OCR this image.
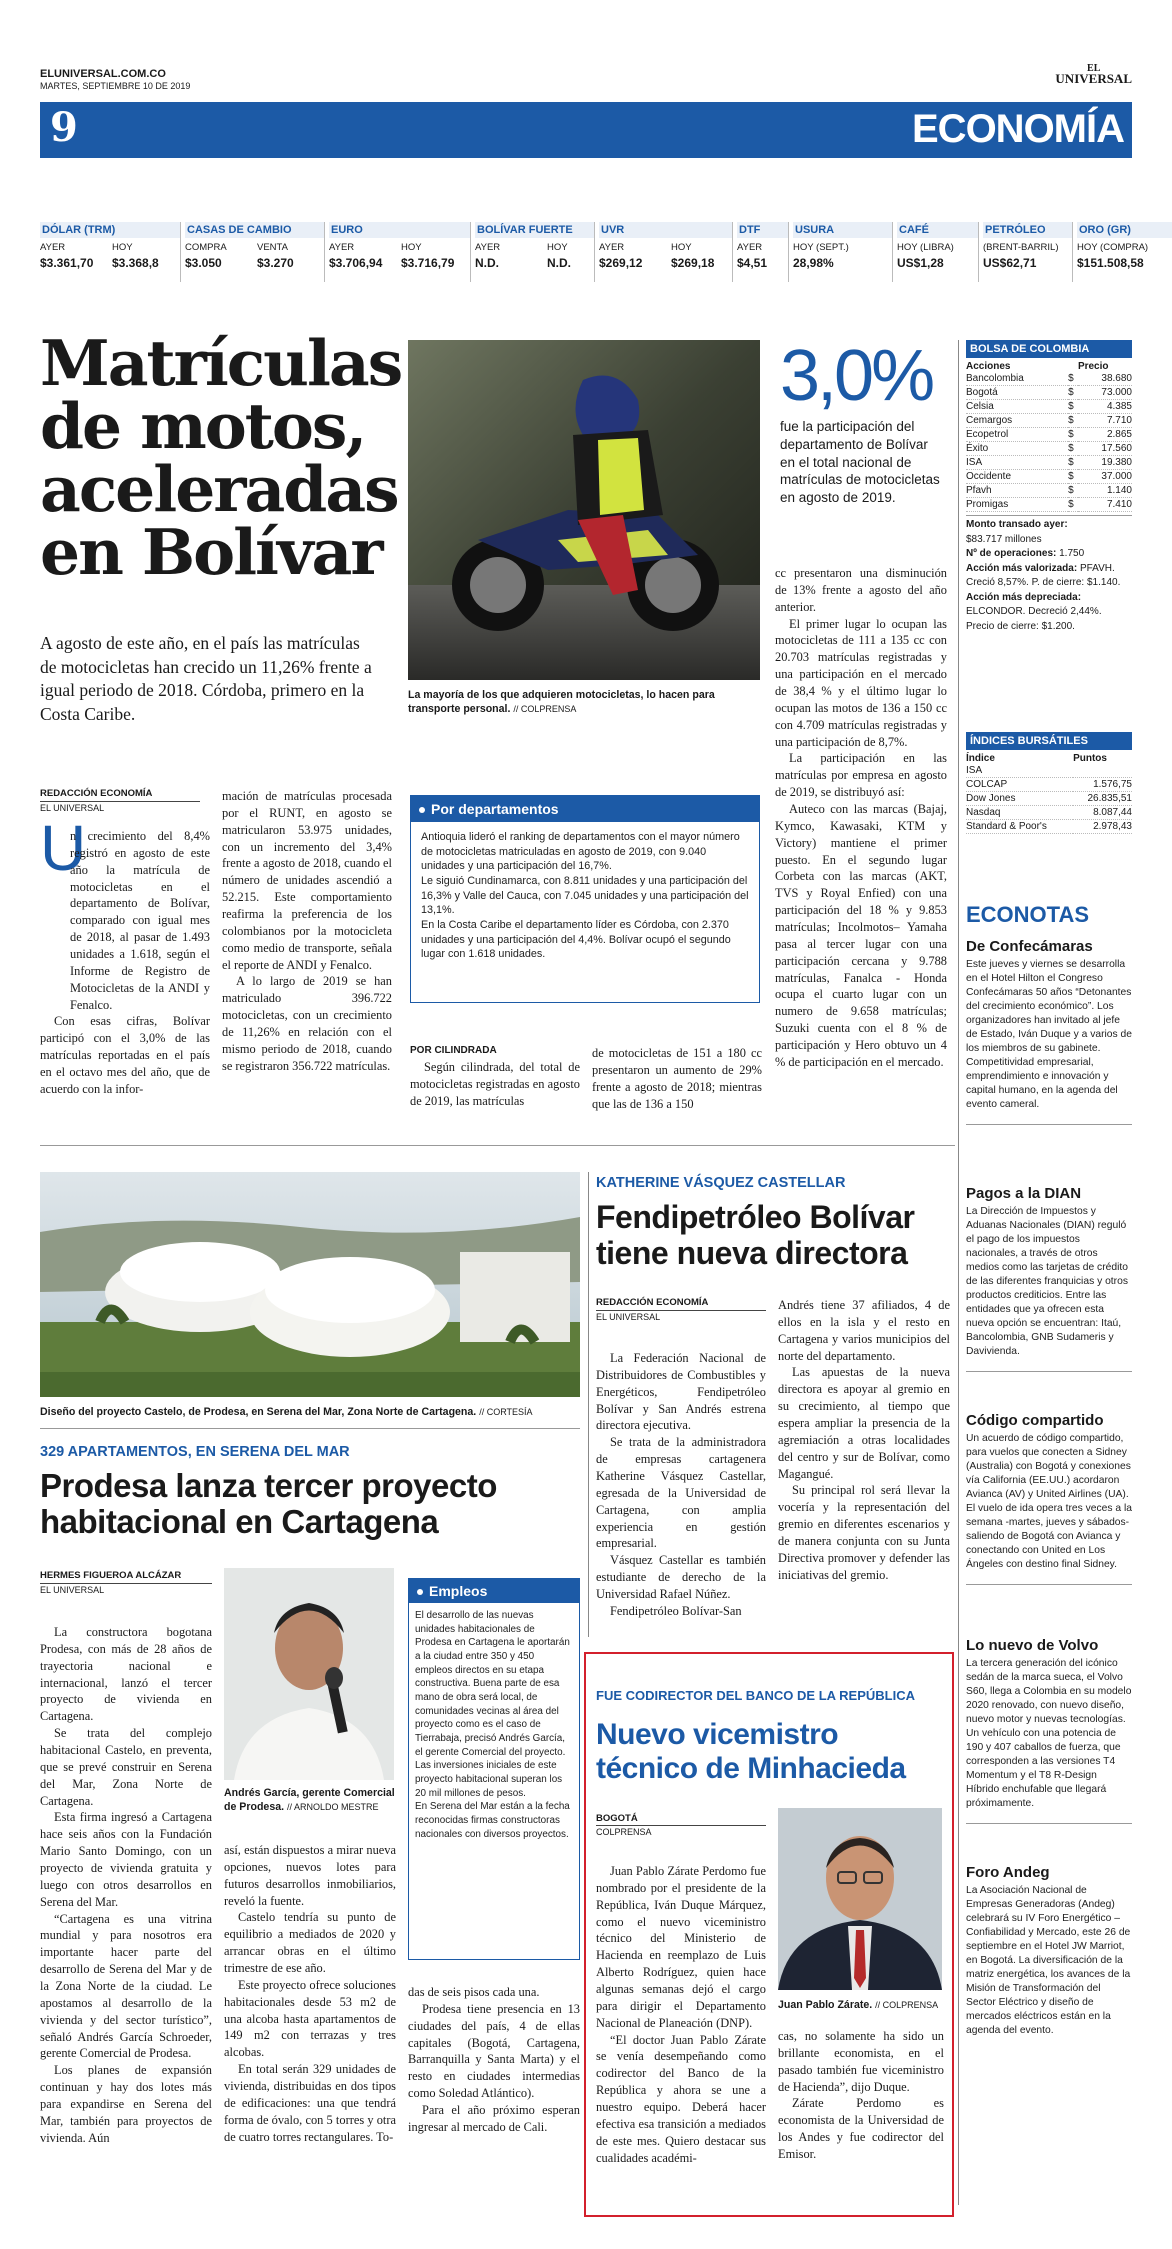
ELUNIVERSAL.COM.CO
MARTES, SEPTIEMBRE 10 DE 2019
EL
UNIVERSAL
9	ECONOMÍA
DÓLAR (TRM)
AYER	HOY
$3.361,70	$3.368,8
CASAS DE CAMBIO
COMPRA	VENTA
$3.050	$3.270
EURO
AYER	HOY
$3.706,94	$3.716,79
BOLÍVAR FUERTE
AYER	HOY
N.D.	N.D.
UVR
AYER	HOY
$269,12	$269,18
DTF
AYER
$4,51
USURA
HOY (SEPT.)
28,98%
CAFÉ
HOY (LIBRA)
US$1,28
PETRÓLEO
(BRENT-BARRIL)
US$62,71
ORO (GR)
HOY (COMPRA)
$151.508,58
Matrículas de motos, aceleradas en Bolívar
A agosto de este año, en el país las matrículas de motocicletas han crecido un 11,26% frente a igual periodo de 2018. Córdoba, primero en la Costa Caribe.
La mayoría de los que adquieren motocicletas, lo hacen para transporte personal. // COLPRENSA
3,0%
fue la participación del departamento de Bolívar en el total nacional de matrículas de motocicletas en agosto de 2019.

cc presentaron una disminución de 13% frente a agosto del año anterior.

El primer lugar lo ocupan las motocicletas de 111 a 135 cc con 20.703 matrículas registradas y una participación en el mercado de 38,4 % y el último lugar lo ocupan las motos de 136 a 150 cc con 4.709 matrículas registradas y una participación de 8,7%.

La participación en las matrículas por empresa en agosto de 2019, se distribuyó así:

Auteco con las marcas (Bajaj, Kymco, Kawasaki, KTM y Victory) mantiene el primer puesto. En el segundo lugar Corbeta con las marcas (AKT, TVS y Royal Enfied) con una participación del 18 % y 9.853 matrículas; Incolmotos– Yamaha pasa al tercer lugar con una participación cercana y 9.788 matrículas, Fanalca - Honda ocupa el cuarto lugar con un numero de 9.658 matrículas; Suzuki cuenta con el 8 % de participación y Hero obtuvo un 4 % de participación en el mercado.

REDACCIÓN ECONOMÍA
EL UNIVERSAL
U

n crecimiento del 8,4% registró en agosto de este año la matrícula de motocicletas en el departamento de Bolívar, comparado con igual mes de 2018, al pasar de 1.493 unidades a 1.618, según el Informe de Registro de Motocicletas de la ANDI y Fenalco.

Con esas cifras, Bolívar participó con el 3,0% de las matrículas reportadas en el país en el octavo mes del año, que de acuerdo con la infor-

mación de matrículas procesada por el RUNT, en agosto se matricularon 53.975 unidades, con un incremento del 3,4% frente a agosto de 2018, cuando el número de unidades ascendió a 52.215. Este comportamiento reafirma la preferencia de los colombianos por la motocicleta como medio de transporte, señala el reporte de ANDI y Fenalco.

A lo largo de 2019 se han matriculado 396.722 motocicletas, con un crecimiento de 11,26% en relación con el mismo periodo de 2018, cuando se registraron 356.722 matrículas.

Por departamentos
Antioquia lideró el ranking de departamentos con el mayor número de motocicletas matriculadas en agosto de 2019, con 9.040 unidades y una participación del 16,7%.
Le siguió Cundinamarca, con 8.811 unidades y una participación del 16,3% y Valle del Cauca, con 7.045 unidades y una participación del 13,1%.
En la Costa Caribe el departamento líder es Córdoba, con 2.370 unidades y una participación del 4,4%. Bolívar ocupó el segundo lugar con 1.618 unidades.
POR CILINDRADA

Según cilindrada, del total de motocicletas registradas en agosto de 2019, las matrículas

de motocicletas de 151 a 180 cc presentaron un aumento de 29% frente a agosto de 2018; mientras que las de 136 a 150

BOLSA DE COLOMBIA
Acciones		Precio
Bancolombia	$	38.680
Bogotá	$	73.000
Celsia	$	4.385
Cemargos	$	7.710
Ecopetrol	$	2.865
Éxito	$	17.560
ISA	$	19.380
Occidente	$	37.000
Pfavh	$	1.140
Promigas	$	7.410
Monto transado ayer:
$83.717 millones
Nº de operaciones: 1.750
Acción más valorizada: PFAVH.
Creció 8,57%. P. de cierre: $1.140.
Acción más depreciada:
ELCONDOR. Decreció 2,44%.
Precio de cierre: $1.200.
ÍNDICES BURSÁTILES
Índice	Puntos
ISA	
COLCAP	1.576,75
Dow Jones	26.835,51
Nasdaq	8.087,44
Standard & Poor's	2.978,43
ECONOTAS
De Confecámaras
Este jueves y viernes se desarrolla en el Hotel Hilton el Congreso Confecámaras 50 años “Detonantes del crecimiento económico”. Los organizadores han invitado al jefe de Estado, Iván Duque y a varios de los miembros de su gabinete. Competitividad empresarial, emprendimiento e innovación y capital humano, en la agenda del evento cameral.
Pagos a la DIAN
La Dirección de Impuestos y Aduanas Nacionales (DIAN) reguló el pago de los impuestos nacionales, a través de otros medios como las tarjetas de crédito de las diferentes franquicias y otros productos crediticios. Entre las entidades que ya ofrecen esta nueva opción se encuentran: Itaú, Bancolombia, GNB Sudameris y Davivienda.
Código compartido
Un acuerdo de código compartido, para vuelos que conecten a Sidney (Australia) con Bogotá y conexiones vía California (EE.UU.) acordaron Avianca (AV) y United Airlines (UA). El vuelo de ida opera tres veces a la semana -martes, jueves y sábados- saliendo de Bogotá con Avianca y conectando con United en Los Ángeles con destino final Sidney.
Lo nuevo de Volvo
La tercera generación del icónico sedán de la marca sueca, el Volvo S60, llega a Colombia en su modelo 2020 renovado, con nuevo diseño, nuevo motor y nuevas tecnologías. Un vehículo con una potencia de 190 y 407 caballos de fuerza, que corresponden a las versiones T4 Momentum y el T8 R-Design Híbrido enchufable que llegará próximamente.
Foro Andeg
La Asociación Nacional de Empresas Generadoras (Andeg) celebrará su IV Foro Energético – Confiabilidad y Mercado, este 26 de septiembre en el Hotel JW Marriot, en Bogotá. La diversificación de la matriz energética, los avances de la Misión de Transformación del Sector Eléctrico y diseño de mercados eléctricos están en la agenda del evento.
Diseño del proyecto Castelo, de Prodesa, en Serena del Mar, Zona Norte de Cartagena. // CORTESÍA
329 APARTAMENTOS, EN SERENA DEL MAR
Prodesa lanza tercer proyecto habitacional en Cartagena
HERMES FIGUEROA ALCÁZAR
EL UNIVERSAL

La constructora bogotana Prodesa, con más de 28 años de trayectoria nacional e internacional, lanzó el tercer proyecto de vivienda en Cartagena.

Se trata del complejo habitacional Castelo, en preventa, que se prevé construir en Serena del Mar, Zona Norte de Cartagena.

Esta firma ingresó a Cartagena hace seis años con la Fundación Mario Santo Domingo, con un proyecto de vivienda gratuita y luego con otros desarrollos en Serena del Mar.

“Cartagena es una vitrina mundial y para nosotros era importante hacer parte del desarrollo de Serena del Mar y de la Zona Norte de la ciudad. Le apostamos al desarrollo de la vivienda y del sector turístico”, señaló Andrés García Schroeder, gerente Comercial de Prodesa.

Los planes de expansión continuan y hay dos lotes más para expandirse en Serena del Mar, también para proyectos de vivienda. Aún

Andrés García, gerente Comercial de Prodesa. // ARNOLDO MESTRE

así, están dispuestos a mirar nueva opciones, nuevos lotes para futuros desarrollos inmobiliarios, reveló la fuente.

Castelo tendría su punto de equilibrio a mediados de 2020 y arrancar obras en el último trimestre de ese año.

Este proyecto ofrece soluciones habitacionales desde 53 m2 de una alcoba hasta apartamentos de 149 m2 con terrazas y tres alcobas.

En total serán 329 unidades de vivienda, distribuidas en dos tipos de edificaciones: una que tendrá forma de óvalo, con 5 torres y otra de cuatro torres rectangulares. To-

Empleos
El desarrollo de las nuevas unidades habitacionales de Prodesa en Cartagena le aportarán a la ciudad entre 350 y 450 empleos directos en su etapa constructiva. Buena parte de esa mano de obra será local, de comunidades vecinas al área del proyecto como es el caso de Tierrabaja, precisó Andrés García, el gerente Comercial del proyecto.
Las inversiones iniciales de este proyecto habitacional superan los 20 mil millones de pesos.
En Serena del Mar están a la fecha reconocidas firmas constructoras nacionales con diversos proyectos.

das de seis pisos cada una.

Prodesa tiene presencia en 13 ciudades del país, 4 de ellas capitales (Bogotá, Cartagena, Barranquilla y Santa Marta) y el resto en ciudades intermedias como Soledad Atlántico).

Para el año próximo esperan ingresar al mercado de Cali.

KATHERINE VÁSQUEZ CASTELLAR
Fendipetróleo Bolívar tiene nueva directora
REDACCIÓN ECONOMÍA
EL UNIVERSAL

La Federación Nacional de Distribuidores de Combustibles y Energéticos, Fendipetróleo Bolívar y San Andrés estrena directora ejecutiva.

Se trata de la administradora de empresas cartagenera Katherine Vásquez Castellar, egresada de la Universidad de Cartagena, con amplia experiencia en gestión empresarial.

Vásquez Castellar es también estudiante de derecho de la Universidad Rafael Núñez.

Fendipetróleo Bolívar-San

Andrés tiene 37 afiliados, 4 de ellos en la isla y el resto en Cartagena y varios municipios del norte del departamento.

Las apuestas de la nueva directora es apoyar al gremio en su crecimiento, al tiempo que espera ampliar la presencia de la agremiación a otras localidades del centro y sur de Bolívar, como Magangué.

Su principal rol será llevar la vocería y la representación del gremio en diferentes escenarios y de manera conjunta con su Junta Directiva promover y defender las iniciativas del gremio.

FUE CODIRECTOR DEL BANCO DE LA REPÚBLICA
Nuevo vicemistro técnico de Minhacieda
BOGOTÁ
COLPRENSA

Juan Pablo Zárate Perdomo fue nombrado por el presidente de la República, Iván Duque Márquez, como el nuevo viceministro técnico del Ministerio de Hacienda en reemplazo de Luis Alberto Rodríguez, quien hace algunas semanas dejó el cargo para dirigir el Departamento Nacional de Planeación (DNP).

“El doctor Juan Pablo Zárate se venía desempeñando como codirector del Banco de la República y ahora se une a nuestro equipo. Deberá hacer efectiva esa transición a mediados de este mes. Quiero destacar sus cualidades académi-

Juan Pablo Zárate. // COLPRENSA

cas, no solamente ha sido un brillante economista, en el pasado también fue viceministro de Hacienda”, dijo Duque.

Zárate Perdomo es economista de la Universidad de los Andes y fue codirector del Emisor.
